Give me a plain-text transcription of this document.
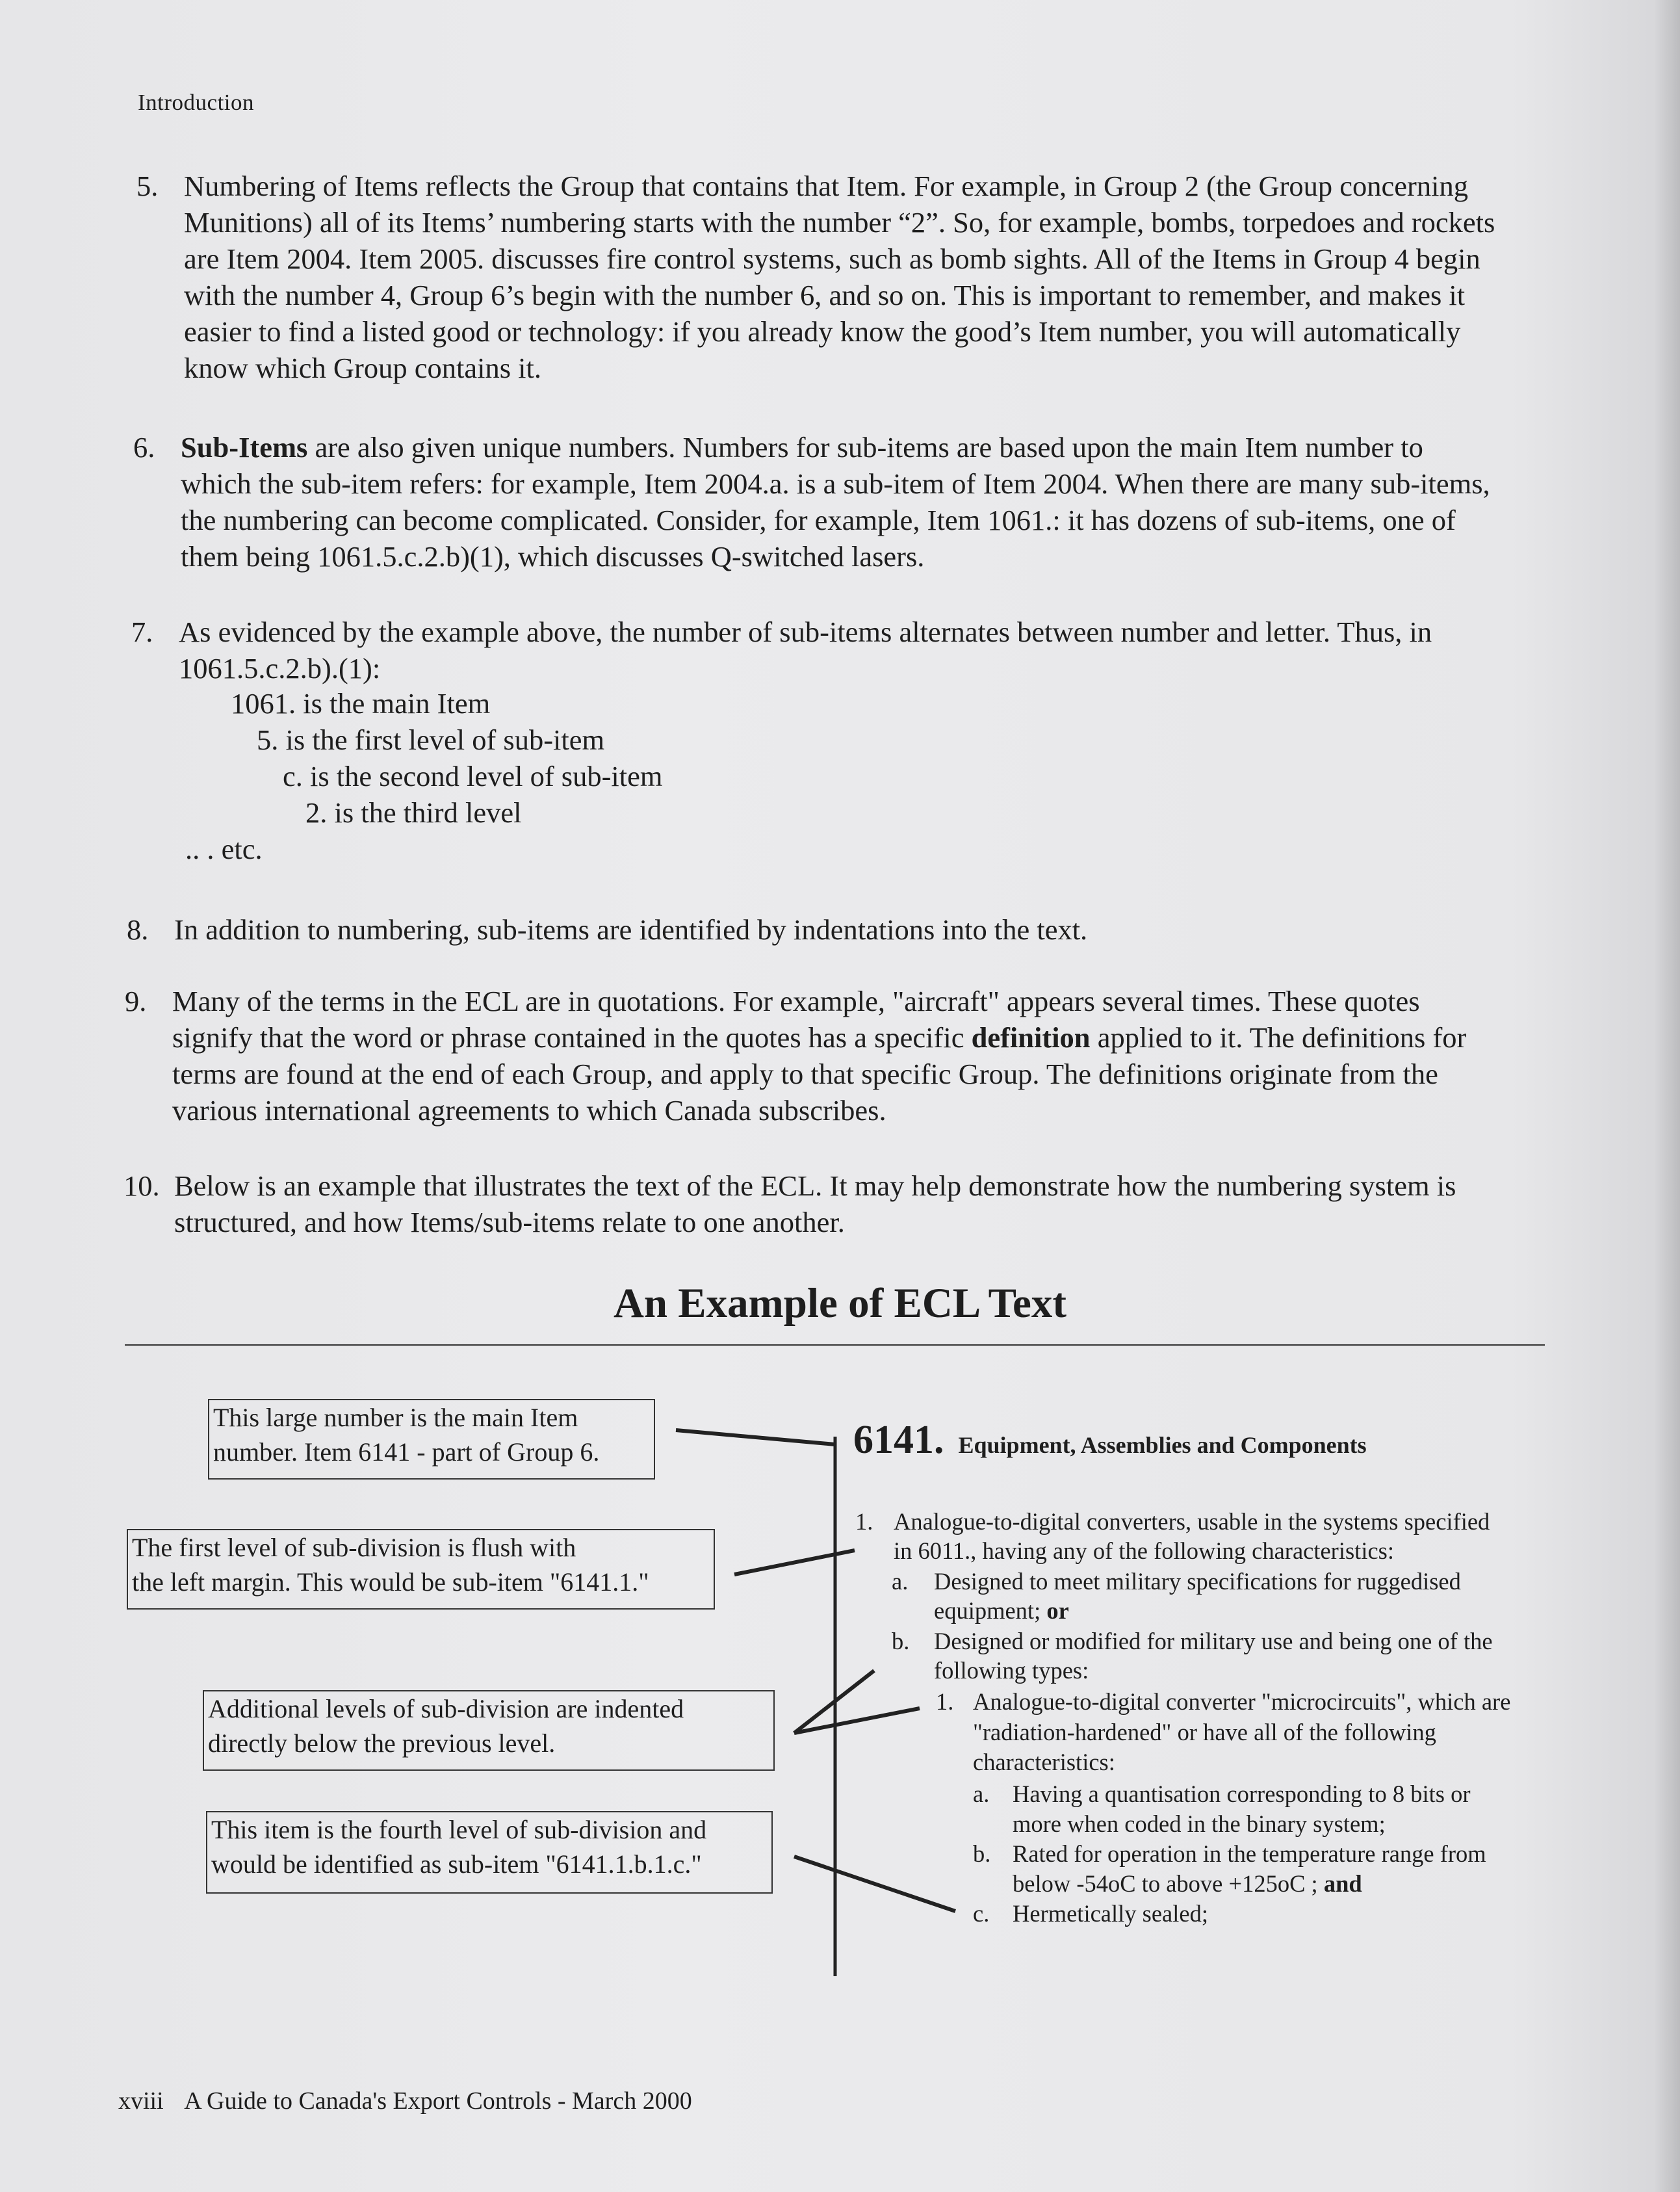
Introduction
5. Numbering of Items reflects the Group that contains that Item. For example, in Group 2 (the Group concerning
Munitions) all of its Items’ numbering starts with the number “2”. So, for example, bombs, torpedoes and rockets
are Item 2004. Item 2005. discusses fire control systems, such as bomb sights. All of the Items in Group 4 begin
with the number 4, Group 6’s begin with the number 6, and so on. This is important to remember, and makes it
easier to find a listed good or technology: if you already know the good’s Item number, you will automatically
know which Group contains it.
6. Sub-Items are also given unique numbers. Numbers for sub-items are based upon the main Item number to
which the sub-item refers: for example, Item 2004.a. is a sub-item of Item 2004. When there are many sub-items,
the numbering can become complicated. Consider, for example, Item 1061.: it has dozens of sub-items, one of
them being 1061.5.c.2.b)(1), which discusses Q-switched lasers.
7. As evidenced by the example above, the number of sub-items alternates between number and letter. Thus, in
1061.5.c.2.b).(1):
1061. is the main Item
5. is the first level of sub-item
c. is the second level of sub-item
2. is the third level
.. . etc.
8. In addition to numbering, sub-items are identified by indentations into the text.
9. Many of the terms in the ECL are in quotations. For example, "aircraft" appears several times. These quotes
signify that the word or phrase contained in the quotes has a specific definition applied to it. The definitions for
terms are found at the end of each Group, and apply to that specific Group. The definitions originate from the
various international agreements to which Canada subscribes.
10. Below is an example that illustrates the text of the ECL. It may help demonstrate how the numbering system is
structured, and how Items/sub-items relate to one another.
An Example of ECL Text
This large number is the main Item
number. Item 6141 - part of Group 6.
The first level of sub-division is flush with
the left margin. This would be sub-item "6141.1."
Additional levels of sub-division are indented
directly below the previous level.
This item is the fourth level of sub-division and
would be identified as sub-item "6141.1.b.1.c."
6141. Equipment, Assemblies and Components
1. Analogue-to-digital converters, usable in the systems specified
in 6011., having any of the following characteristics:
a. Designed to meet military specifications for ruggedised
equipment; or
b. Designed or modified for military use and being one of the
following types:
1. Analogue-to-digital converter "microcircuits", which are
"radiation-hardened" or have all of the following
characteristics:
a. Having a quantisation corresponding to 8 bits or
more when coded in the binary system;
b. Rated for operation in the temperature range from
below -54oC to above +125oC ; and
c. Hermetically sealed;
xviii A Guide to Canada's Export Controls - March 2000
